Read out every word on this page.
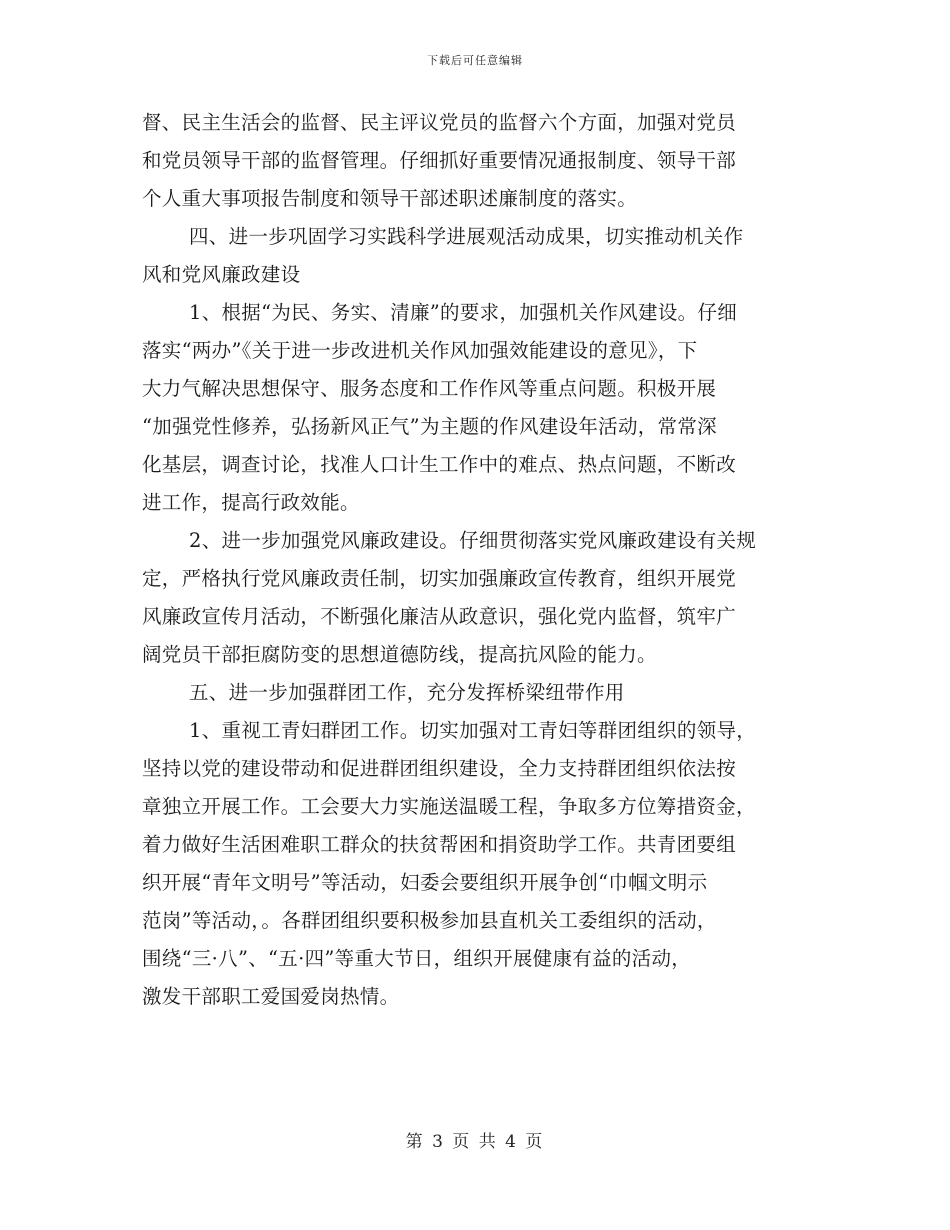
下载后可任意编辑
督、民主生活会的监督、民主评议党员的监督六个方面，加强对党员
和党员领导干部的监督管理。仔细抓好重要情况通报制度、领导干部
个人重大事项报告制度和领导干部述职述廉制度的落实。
四、进一步巩固学习实践科学进展观活动成果，切实推动机关作
风和党风廉政建设
1、根据“为民、务实、清廉”的要求，加强机关作风建设。仔细
落实“两办”《关于进一步改进机关作风加强效能建设的意见》，下
大力气解决思想保守、服务态度和工作作风等重点问题。积极开展
“加强党性修养，弘扬新风正气”为主题的作风建设年活动，常常深
化基层，调查讨论，找准人口计生工作中的难点、热点问题，不断改
进工作，提高行政效能。
2、进一步加强党风廉政建设。仔细贯彻落实党风廉政建设有关规
定，严格执行党风廉政责任制，切实加强廉政宣传教育，组织开展党
风廉政宣传月活动，不断强化廉洁从政意识，强化党内监督，筑牢广
阔党员干部拒腐防变的思想道德防线，提高抗风险的能力。
五、进一步加强群团工作，充分发挥桥梁纽带作用
1、重视工青妇群团工作。切实加强对工青妇等群团组织的领导，
坚持以党的建设带动和促进群团组织建设，全力支持群团组织依法按
章独立开展工作。工会要大力实施送温暖工程，争取多方位筹措资金，
着力做好生活困难职工群众的扶贫帮困和捐资助学工作。共青团要组
织开展“青年文明号”等活动，妇委会要组织开展争创“巾帼文明示
范岗”等活动，。各群团组织要积极参加县直机关工委组织的活动，
围绕“三·八”、“五·四”等重大节日，组织开展健康有益的活动，
激发干部职工爱国爱岗热情。
第 3 页 共 4 页
